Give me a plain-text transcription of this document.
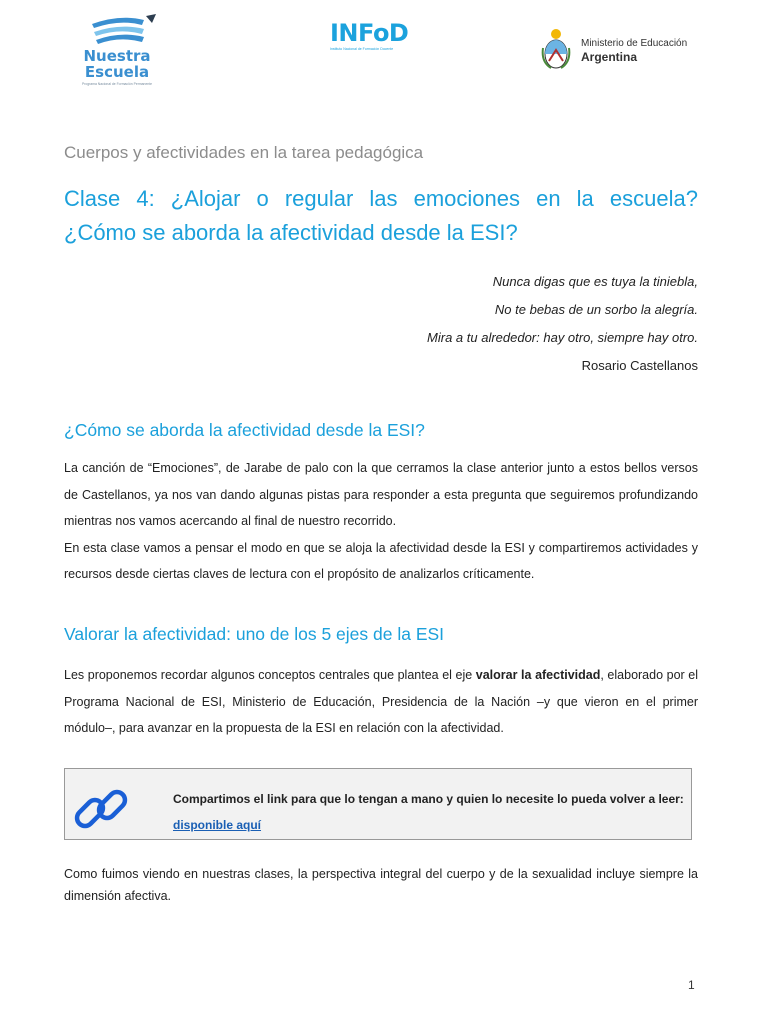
Nuestra
Escuela
Programa Nacional de Formación Permanente
INFoD
Instituto Nacional de Formación Docente	Ministerio de Educación
Argentina
Cuerpos y afectividades en la tarea pedagógica
Clase 4: ¿Alojar o regular las emociones en la escuela?
¿Cómo se aborda la afectividad desde la ESI?
Nunca digas que es tuya la tiniebla,
No te bebas de un sorbo la alegría.
Mira a tu alrededor: hay otro, siempre hay otro.
Rosario Castellanos
¿Cómo se aborda la afectividad desde la ESI?

La canción de “Emociones”, de Jarabe de palo con la que cerramos la clase anterior junto a estos bellos versos de Castellanos, ya nos van dando algunas pistas para responder a esta pregunta que seguiremos profundizando mientras nos vamos acercando al final de nuestro recorrido.

En esta clase vamos a pensar el modo en que se aloja la afectividad desde la ESI y compartiremos actividades y recursos desde ciertas claves de lectura con el propósito de analizarlos críticamente.

Valorar la afectividad: uno de los 5 ejes de la ESI

Les proponemos recordar algunos conceptos centrales que plantea el eje valorar la afectividad, elaborado por el Programa Nacional de ESI, Ministerio de Educación, Presidencia de la Nación –y que vieron en el primer módulo–, para avanzar en la propuesta de la ESI en relación con la afectividad.

Compartimos el link para que lo tengan a mano y quien lo necesite lo pueda volver a leer:
disponible aquí
Como fuimos viendo en nuestras clases, la perspectiva integral del cuerpo y de la sexualidad incluye siempre la dimensión afectiva.
1
